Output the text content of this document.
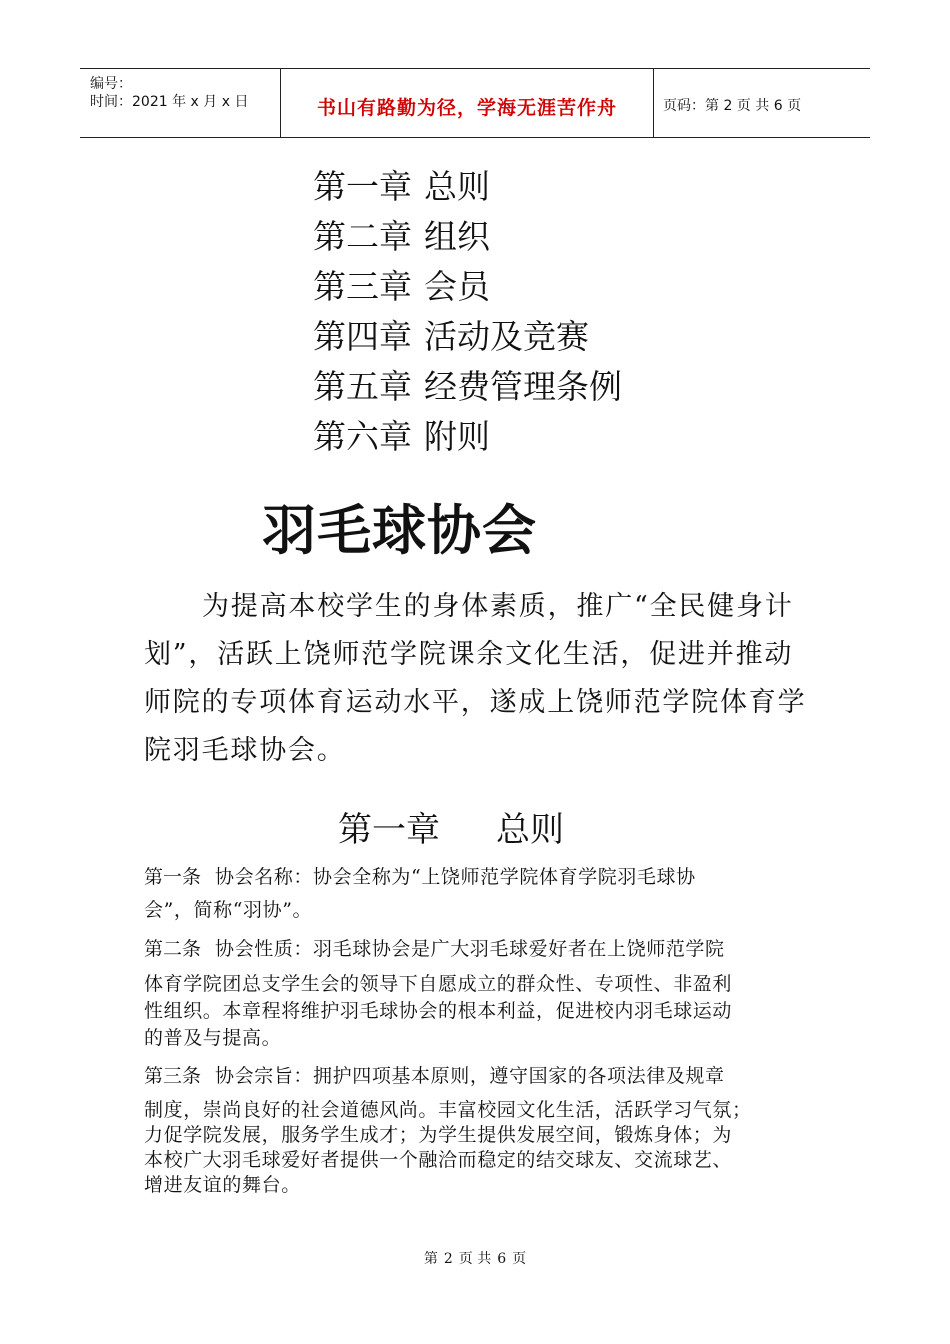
编号：
时间：2021 年 x 月 x 日	书山有路勤为径，学海无涯苦作舟	页码：第 2 页 共 6 页
第一章 总则
第二章 组织
第三章 会员
第四章 活动及竞赛
第五章 经费管理条例
第六章 附则
羽毛球协会
为提高本校学生的身体素质，推广“全民健身计
划”，活跃上饶师范学院课余文化生活，促进并推动
师院的专项体育运动水平，遂成上饶师范学院体育学
院羽毛球协会。
第一章 总则
第一条 协会名称：协会全称为“上饶师范学院体育学院羽毛球协
会”，简称“羽协”。
第二条 协会性质：羽毛球协会是广大羽毛球爱好者在上饶师范学院
体育学院团总支学生会的领导下自愿成立的群众性、专项性、非盈利
性组织。本章程将维护羽毛球协会的根本利益，促进校内羽毛球运动
的普及与提高。
第三条 协会宗旨：拥护四项基本原则，遵守国家的各项法律及规章
制度，崇尚良好的社会道德风尚。丰富校园文化生活，活跃学习气氛；
力促学院发展，服务学生成才；为学生提供发展空间，锻炼身体；为
本校广大羽毛球爱好者提供一个融洽而稳定的结交球友、交流球艺、
增进友谊的舞台。
第 2 页 共 6 页
